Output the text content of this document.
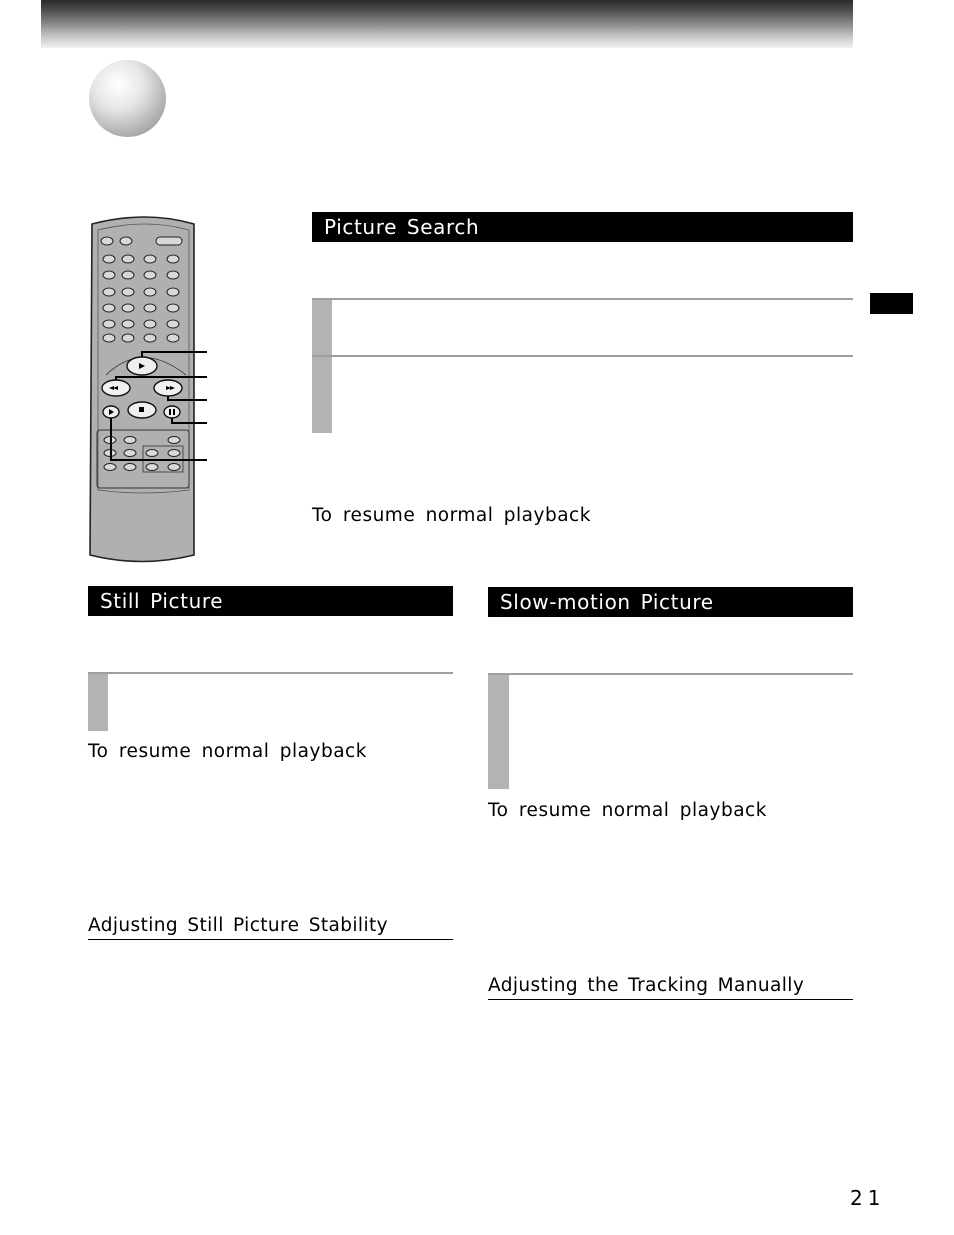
Picture Search
To resume normal playback
Still Picture
To resume normal playback
Adjusting Still Picture Stability
Slow-motion Picture
To resume normal playback
Adjusting the Tracking Manually
21
